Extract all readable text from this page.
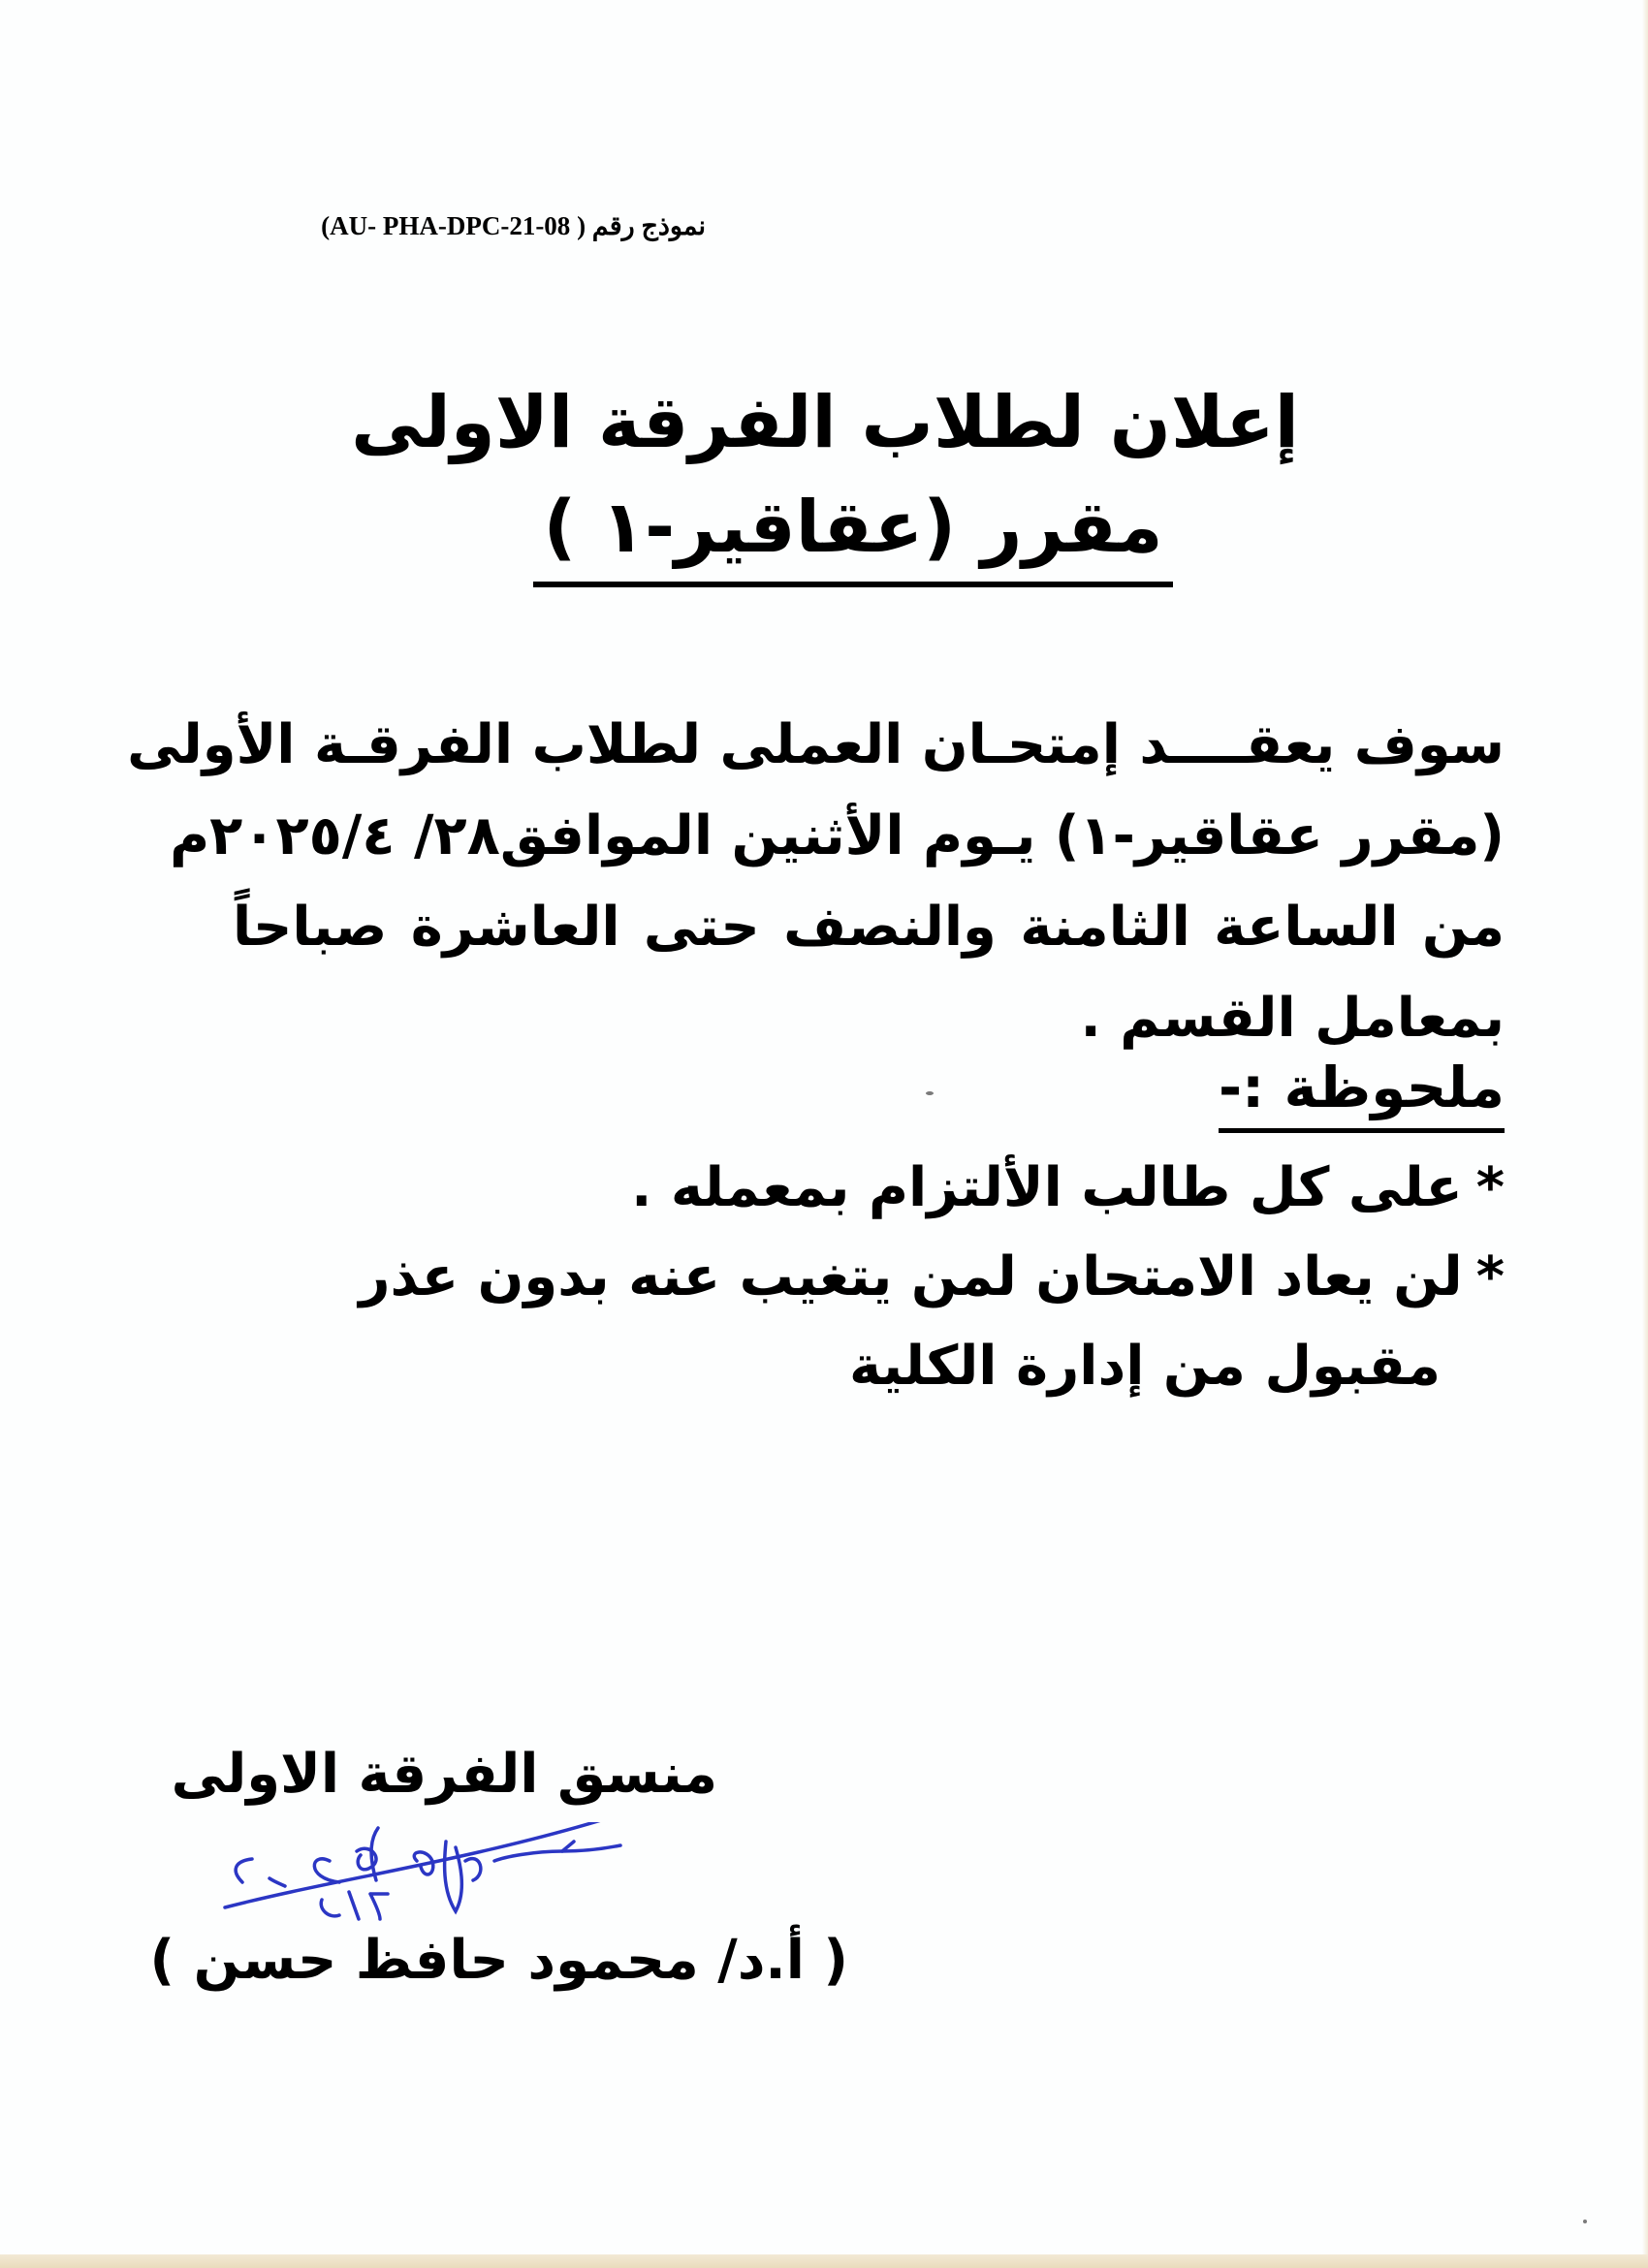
نموذج رقم ( AU- PHA-DPC-21-08)
إعلان لطلاب الفرقة الاولى
مقرر (عقاقير-١ )
سوف يعقــــد إمتحـان العملى لطلاب الفرقـة الأولى
(مقرر عقاقير-١) يـوم الأثنين الموافق٢٨/ ٢٠٢٥/٤م
من الساعة الثامنة والنصف حتى العاشرة صباحاً
بمعامل القسم .
ملحوظة :-
*على كل طالب الألتزام بمعمله .
*لن يعاد الامتحان لمن يتغيب عنه بدون عذر
مقبول من إدارة الكلية
منسق الفرقة الاولى
( أ.د/ محمود حافظ حسن )
